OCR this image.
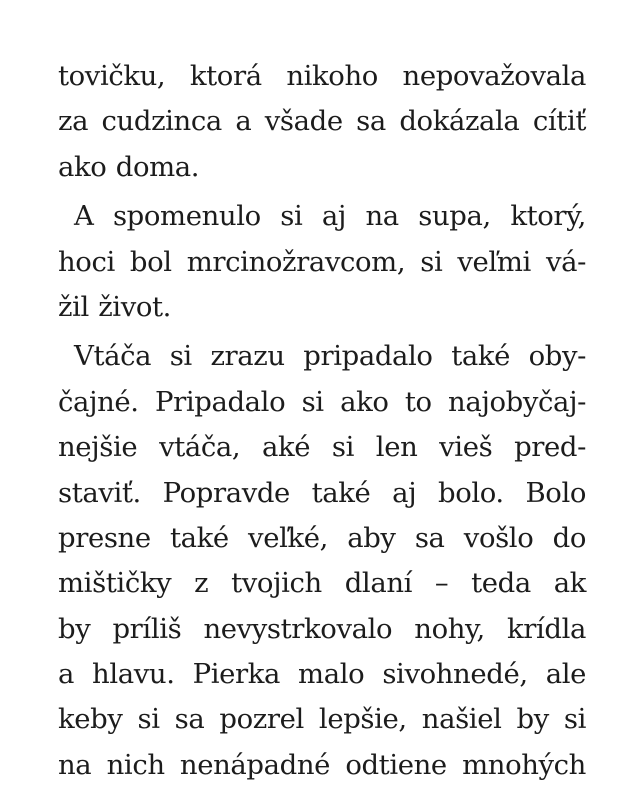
tovičku, ktorá nikoho nepovažovala
za cudzinca a všade sa dokázala cítiť
ako doma.
A spomenulo si aj na supa, ktorý,
hoci bol mrcinožravcom, si veľmi vá-
žil život.
Vtáča si zrazu pripadalo také oby-
čajné. Pripadalo si ako to najobyčaj-
nejšie vtáča, aké si len vieš pred-
staviť. Popravde také aj bolo. Bolo
presne také veľké, aby sa vošlo do
mištičky z tvojich dlaní – teda ak
by príliš nevystrkovalo nohy, krídla
a hlavu. Pierka malo sivohnedé, ale
keby si sa pozrel lepšie, našiel by si
na nich nenápadné odtiene mnohých
